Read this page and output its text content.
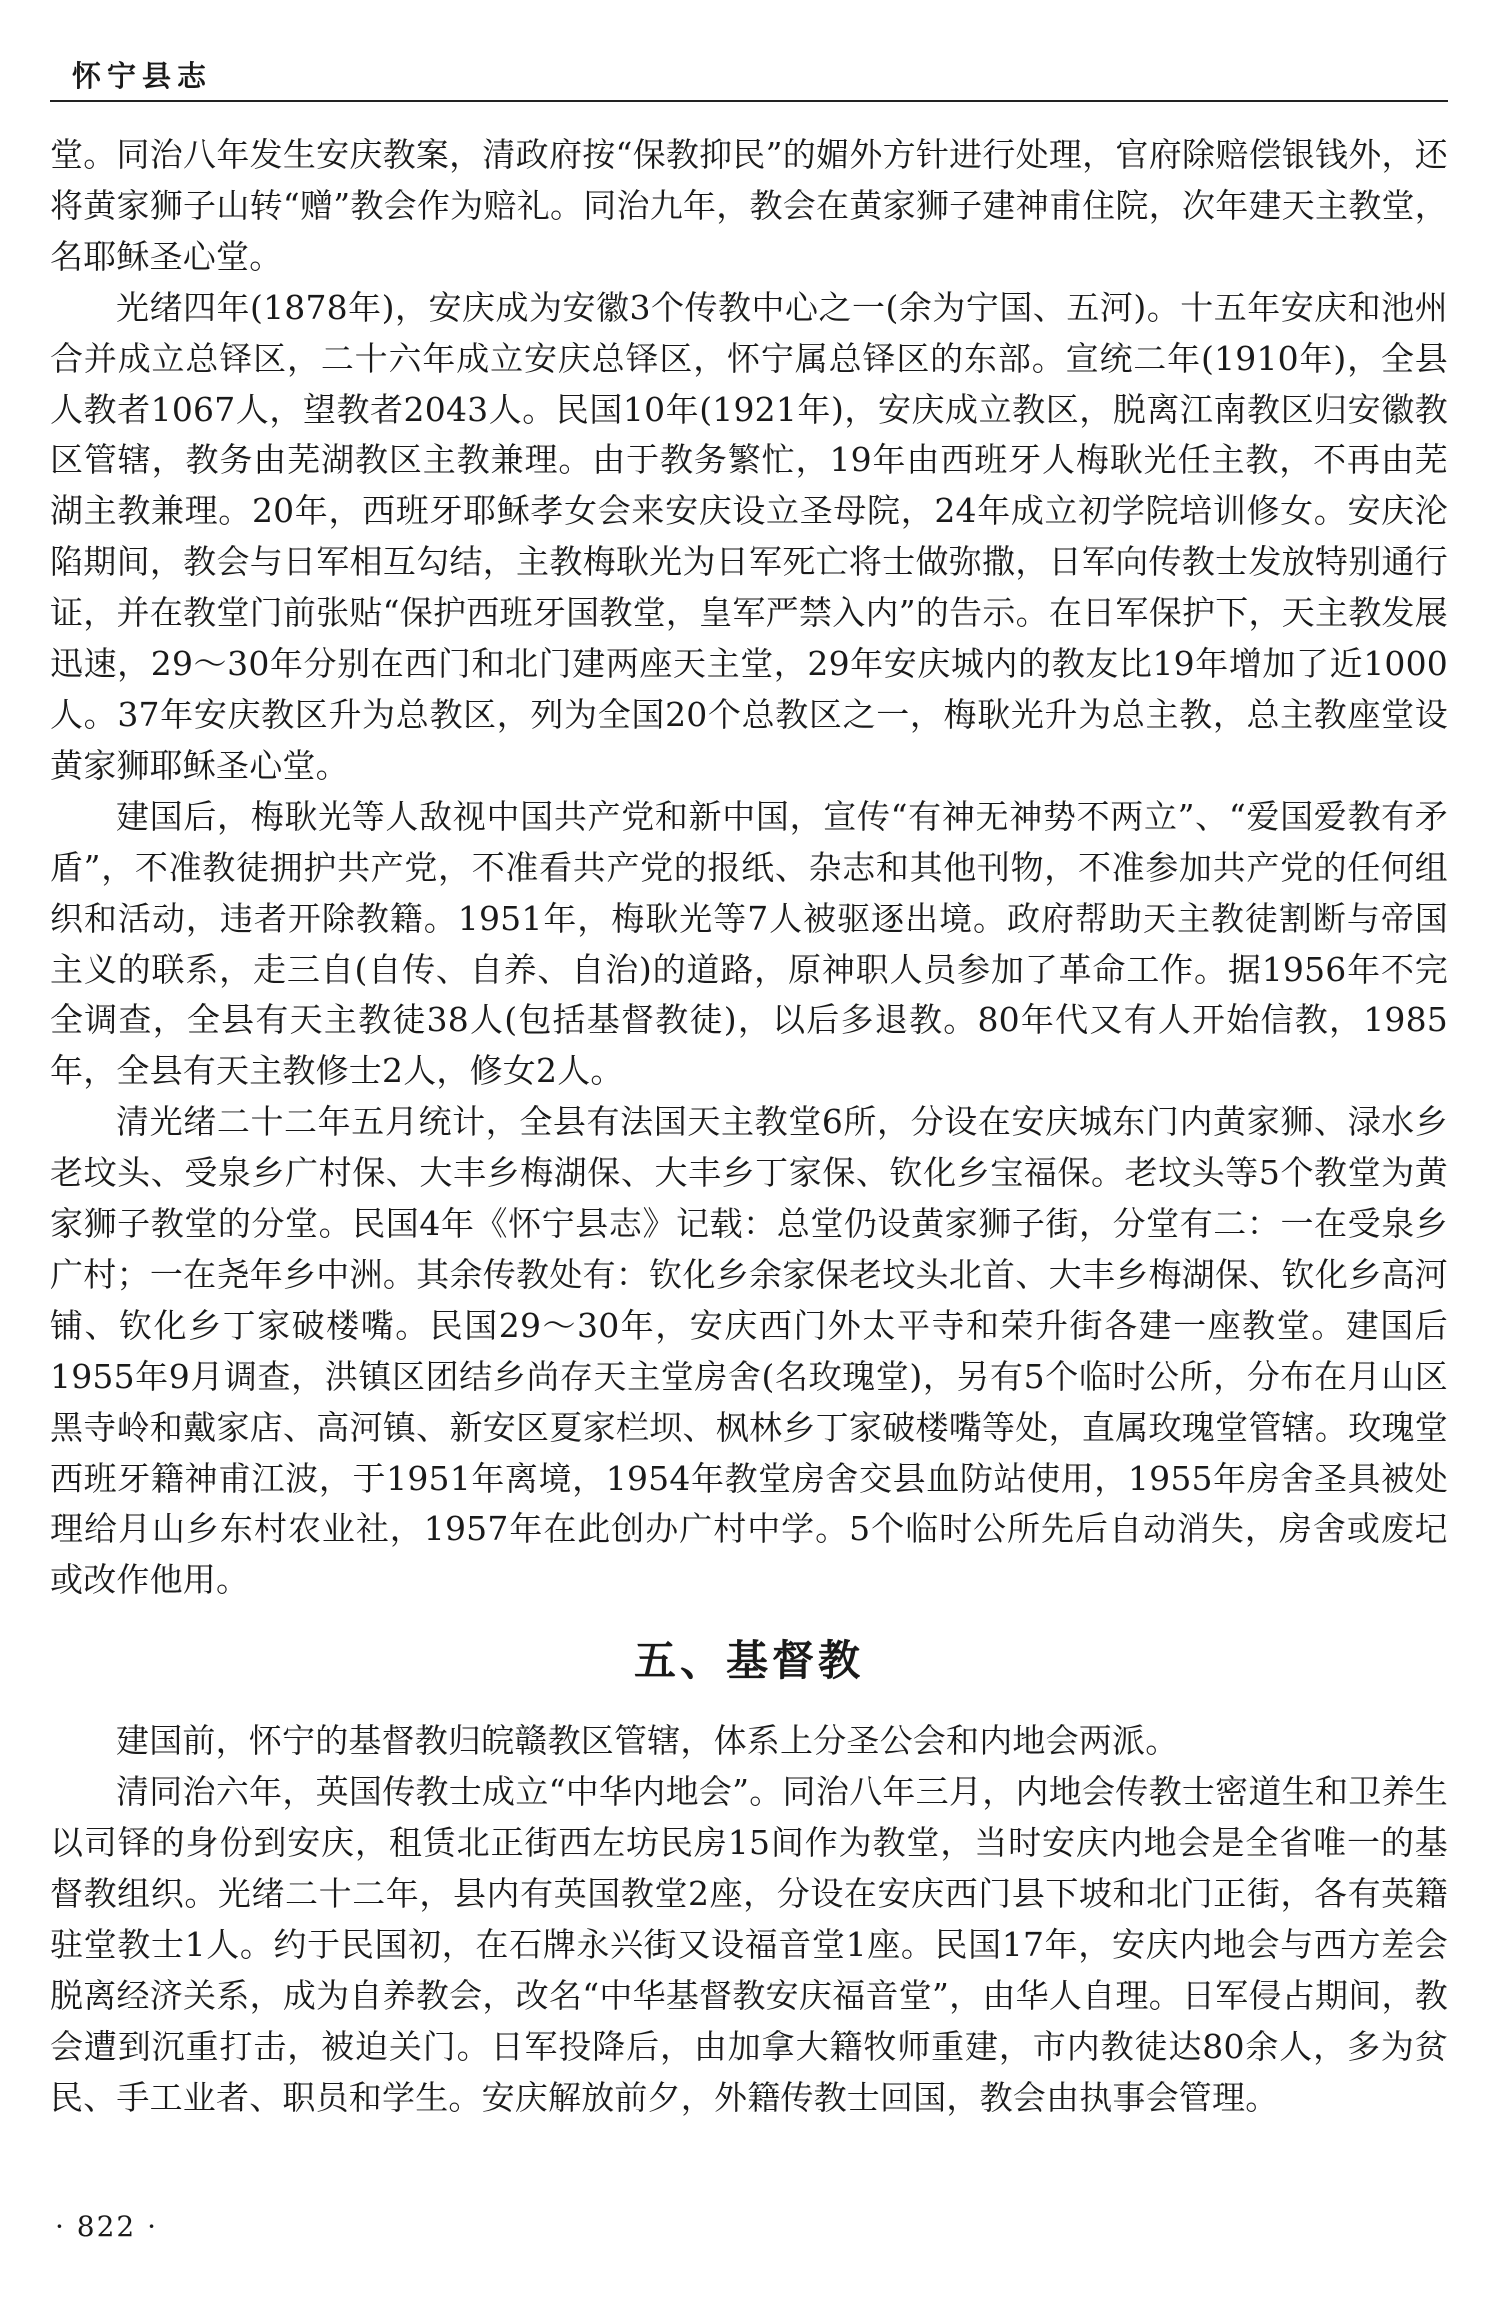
怀宁县志

堂。同治八年发生安庆教案，清政府按“保教抑民”的媚外方针进行处理，官府除赔偿银钱外，还将黄家狮子山转“赠”教会作为赔礼。同治九年，教会在黄家狮子建神甫住院，次年建天主教堂，名耶稣圣心堂。

光绪四年(1878年)，安庆成为安徽3个传教中心之一(余为宁国、五河)。十五年安庆和池州合并成立总铎区，二十六年成立安庆总铎区，怀宁属总铎区的东部。宣统二年(1910年)，全县人教者1067人，望教者2043人。民国10年(1921年)，安庆成立教区，脱离江南教区归安徽教区管辖，教务由芜湖教区主教兼理。由于教务繁忙，19年由西班牙人梅耿光任主教，不再由芜湖主教兼理。20年，西班牙耶稣孝女会来安庆设立圣母院，24年成立初学院培训修女。安庆沦陷期间，教会与日军相互勾结，主教梅耿光为日军死亡将士做弥撒，日军向传教士发放特别通行证，并在教堂门前张贴“保护西班牙国教堂，皇军严禁入内”的告示。在日军保护下，天主教发展迅速，29～30年分别在西门和北门建两座天主堂，29年安庆城内的教友比19年增加了近1000人。37年安庆教区升为总教区，列为全国20个总教区之一，梅耿光升为总主教，总主教座堂设黄家狮耶稣圣心堂。

建国后，梅耿光等人敌视中国共产党和新中国，宣传“有神无神势不两立”、“爱国爱教有矛盾”，不准教徒拥护共产党，不准看共产党的报纸、杂志和其他刊物，不准参加共产党的任何组织和活动，违者开除教籍。1951年，梅耿光等7人被驱逐出境。政府帮助天主教徒割断与帝国主义的联系，走三自(自传、自养、自治)的道路，原神职人员参加了革命工作。据1956年不完全调查，全县有天主教徒38人(包括基督教徒)，以后多退教。80年代又有人开始信教，1985年，全县有天主教修士2人，修女2人。

清光绪二十二年五月统计，全县有法国天主教堂6所，分设在安庆城东门内黄家狮、渌水乡老坟头、受泉乡广村保、大丰乡梅湖保、大丰乡丁家保、钦化乡宝福保。老坟头等5个教堂为黄家狮子教堂的分堂。民国4年《怀宁县志》记载：总堂仍设黄家狮子街，分堂有二：一在受泉乡广村；一在尧年乡中洲。其余传教处有：钦化乡余家保老坟头北首、大丰乡梅湖保、钦化乡高河铺、钦化乡丁家破楼嘴。民国29～30年，安庆西门外太平寺和荣升街各建一座教堂。建国后1955年9月调查，洪镇区团结乡尚存天主堂房舍(名玫瑰堂)，另有5个临时公所，分布在月山区黑寺岭和戴家店、高河镇、新安区夏家栏坝、枫林乡丁家破楼嘴等处，直属玫瑰堂管辖。玫瑰堂西班牙籍神甫江波，于1951年离境，1954年教堂房舍交县血防站使用，1955年房舍圣具被处理给月山乡东村农业社，1957年在此创办广村中学。5个临时公所先后自动消失，房舍或废圮或改作他用。

五、基督教

建国前，怀宁的基督教归皖赣教区管辖，体系上分圣公会和内地会两派。

清同治六年，英国传教士成立“中华内地会”。同治八年三月，内地会传教士密道生和卫养生以司铎的身份到安庆，租赁北正街西左坊民房15间作为教堂，当时安庆内地会是全省唯一的基督教组织。光绪二十二年，县内有英国教堂2座，分设在安庆西门县下坡和北门正街，各有英籍驻堂教士1人。约于民国初，在石牌永兴街又设福音堂1座。民国17年，安庆内地会与西方差会脱离经济关系，成为自养教会，改名“中华基督教安庆福音堂”，由华人自理。日军侵占期间，教会遭到沉重打击，被迫关门。日军投降后，由加拿大籍牧师重建，市内教徒达80余人，多为贫民、手工业者、职员和学生。安庆解放前夕，外籍传教士回国，教会由执事会管理。

· 822 ·
